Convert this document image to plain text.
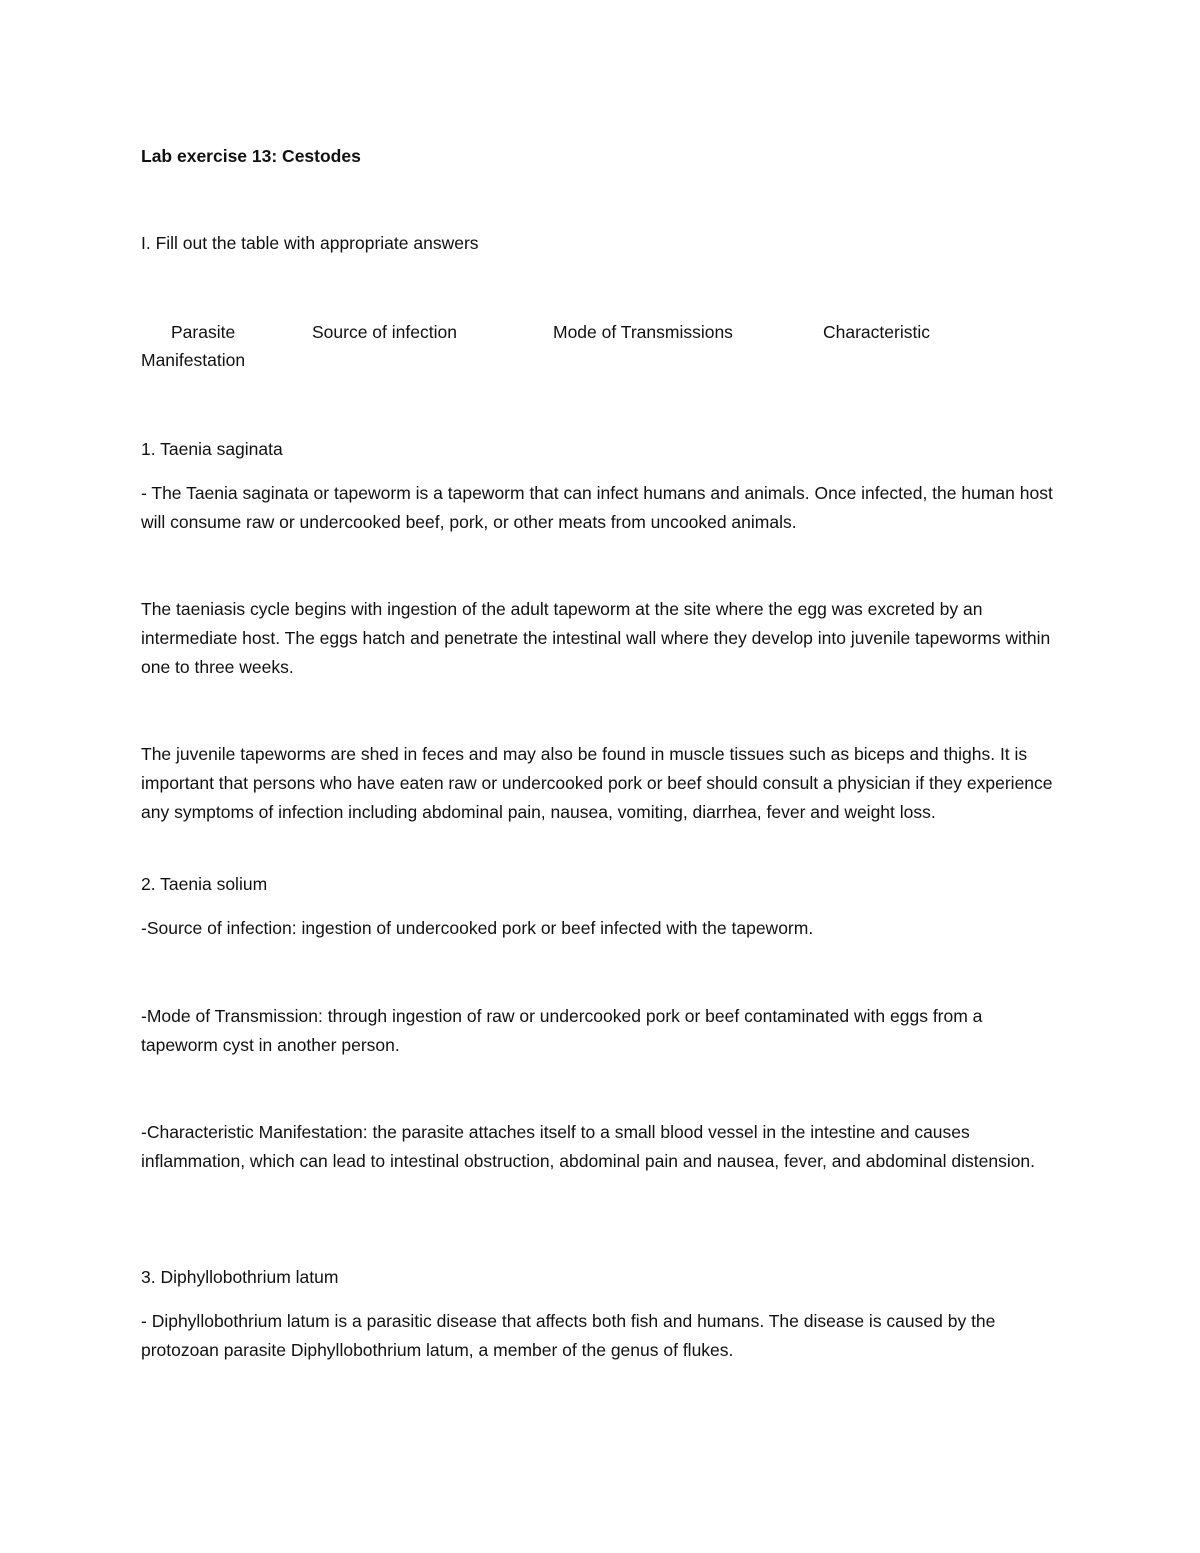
Lab exercise 13: Cestodes
I. Fill out the table with appropriate answers
Parasite	Source of infection	Mode of Transmissions	Characteristic
Manifestation
1. Taenia saginata
- The Taenia saginata or tapeworm is a tapeworm that can infect humans and animals. Once infected, the human host will consume raw or undercooked beef, pork, or other meats from uncooked animals.
The taeniasis cycle begins with ingestion of the adult tapeworm at the site where the egg was excreted by an intermediate host. The eggs hatch and penetrate the intestinal wall where they develop into juvenile tapeworms within one to three weeks.
The juvenile tapeworms are shed in feces and may also be found in muscle tissues such as biceps and thighs. It is important that persons who have eaten raw or undercooked pork or beef should consult a physician if they experience any symptoms of infection including abdominal pain, nausea, vomiting, diarrhea, fever and weight loss.
2. Taenia solium
-Source of infection: ingestion of undercooked pork or beef infected with the tapeworm.
-Mode of Transmission: through ingestion of raw or undercooked pork or beef contaminated with eggs from a tapeworm cyst in another person.
-Characteristic Manifestation: the parasite attaches itself to a small blood vessel in the intestine and causes inflammation, which can lead to intestinal obstruction, abdominal pain and nausea, fever, and abdominal distension.
3. Diphyllobothrium latum
- Diphyllobothrium latum is a parasitic disease that affects both fish and humans. The disease is caused by the protozoan parasite Diphyllobothrium latum, a member of the genus of flukes.
